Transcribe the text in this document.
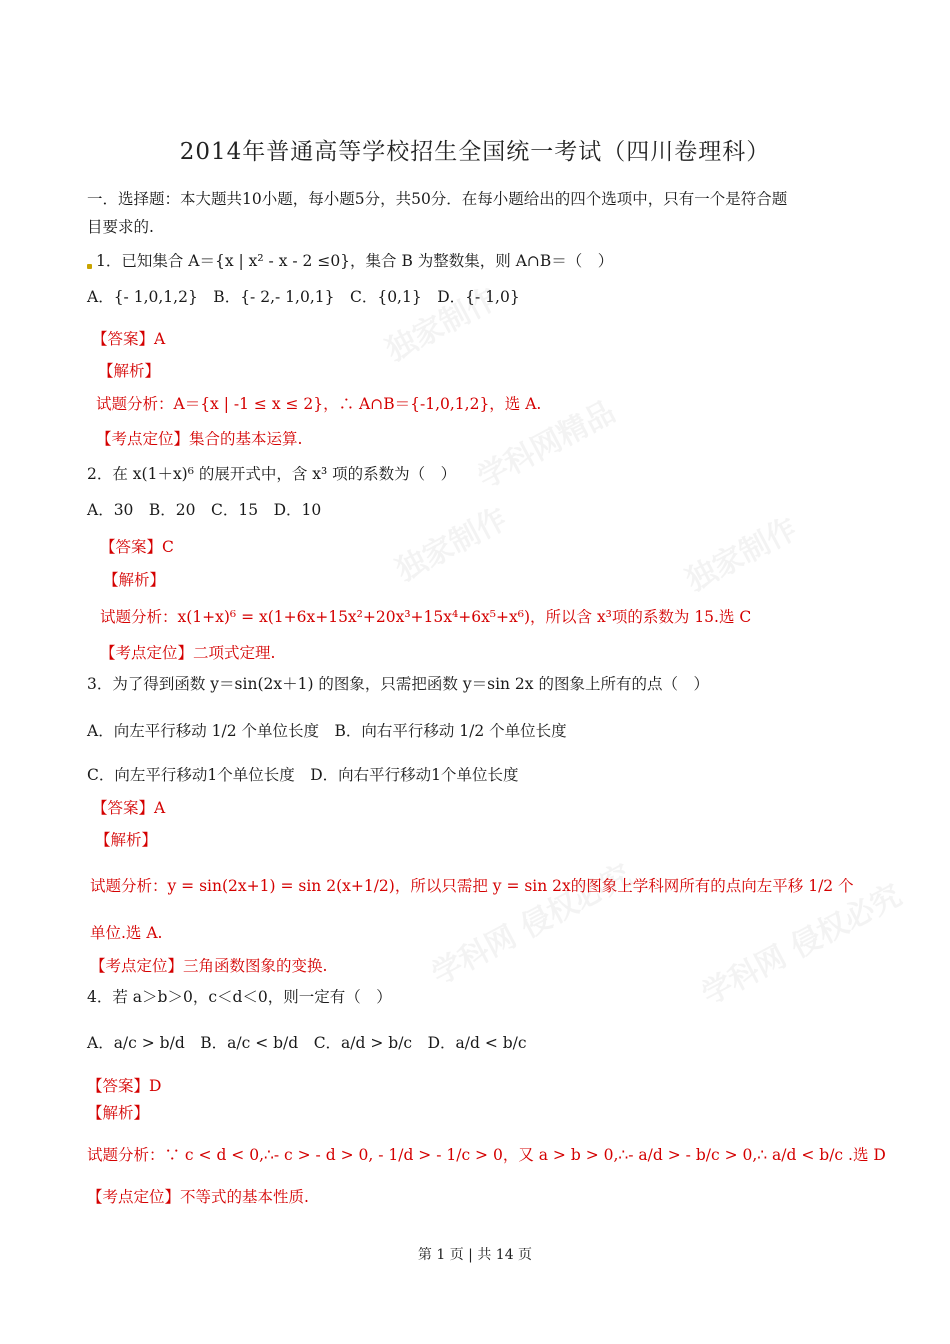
独家制作
学科网精品
独家制作	独家制作
学科网 侵权必究 学科网 侵权必究
2014年普通高等学校招生全国统一考试（四川卷理科）
一．选择题：本大题共10小题，每小题5分，共50分．在每小题给出的四个选项中，只有一个是符合题
目要求的.
1．已知集合 A＝{x | x² - x - 2 ≤0}，集合 B 为整数集，则 A∩B＝（　）
A．{- 1,0,1,2}　B．{- 2,- 1,0,1}　C．{0,1}　D．{- 1,0}
【答案】A
【解析】
试题分析：A＝{x | -1 ≤ x ≤ 2}，∴ A∩B＝{-1,0,1,2}，选 A.
【考点定位】集合的基本运算.
2．在 x(1＋x)⁶ 的展开式中，含 x³ 项的系数为（　）
A．30　B．20　C．15　D．10
【答案】C
【解析】
试题分析：x(1+x)⁶ = x(1+6x+15x²+20x³+15x⁴+6x⁵+x⁶)，所以含 x³项的系数为 15.选 C
【考点定位】二项式定理.
3．为了得到函数 y＝sin(2x＋1) 的图象，只需把函数 y＝sin 2x 的图象上所有的点（　）
A．向左平行移动 1/2 个单位长度　B．向右平行移动 1/2 个单位长度
C．向左平行移动1个单位长度　D．向右平行移动1个单位长度
【答案】A
【解析】
试题分析：y = sin(2x+1) = sin 2(x+1/2)，所以只需把 y = sin 2x的图象上学科网所有的点向左平移 1/2 个
单位.选 A.
【考点定位】三角函数图象的变换.
4．若 a＞b＞0，c＜d＜0，则一定有（　）
A．a/c > b/d　B．a/c < b/d　C．a/d > b/c　D．a/d < b/c
【答案】D
【解析】
试题分析：∵ c < d < 0,∴- c > - d > 0, - 1/d > - 1/c > 0，又 a > b > 0,∴- a/d > - b/c > 0,∴ a/d < b/c .选 D
【考点定位】不等式的基本性质.
第 1 页 | 共 14 页
